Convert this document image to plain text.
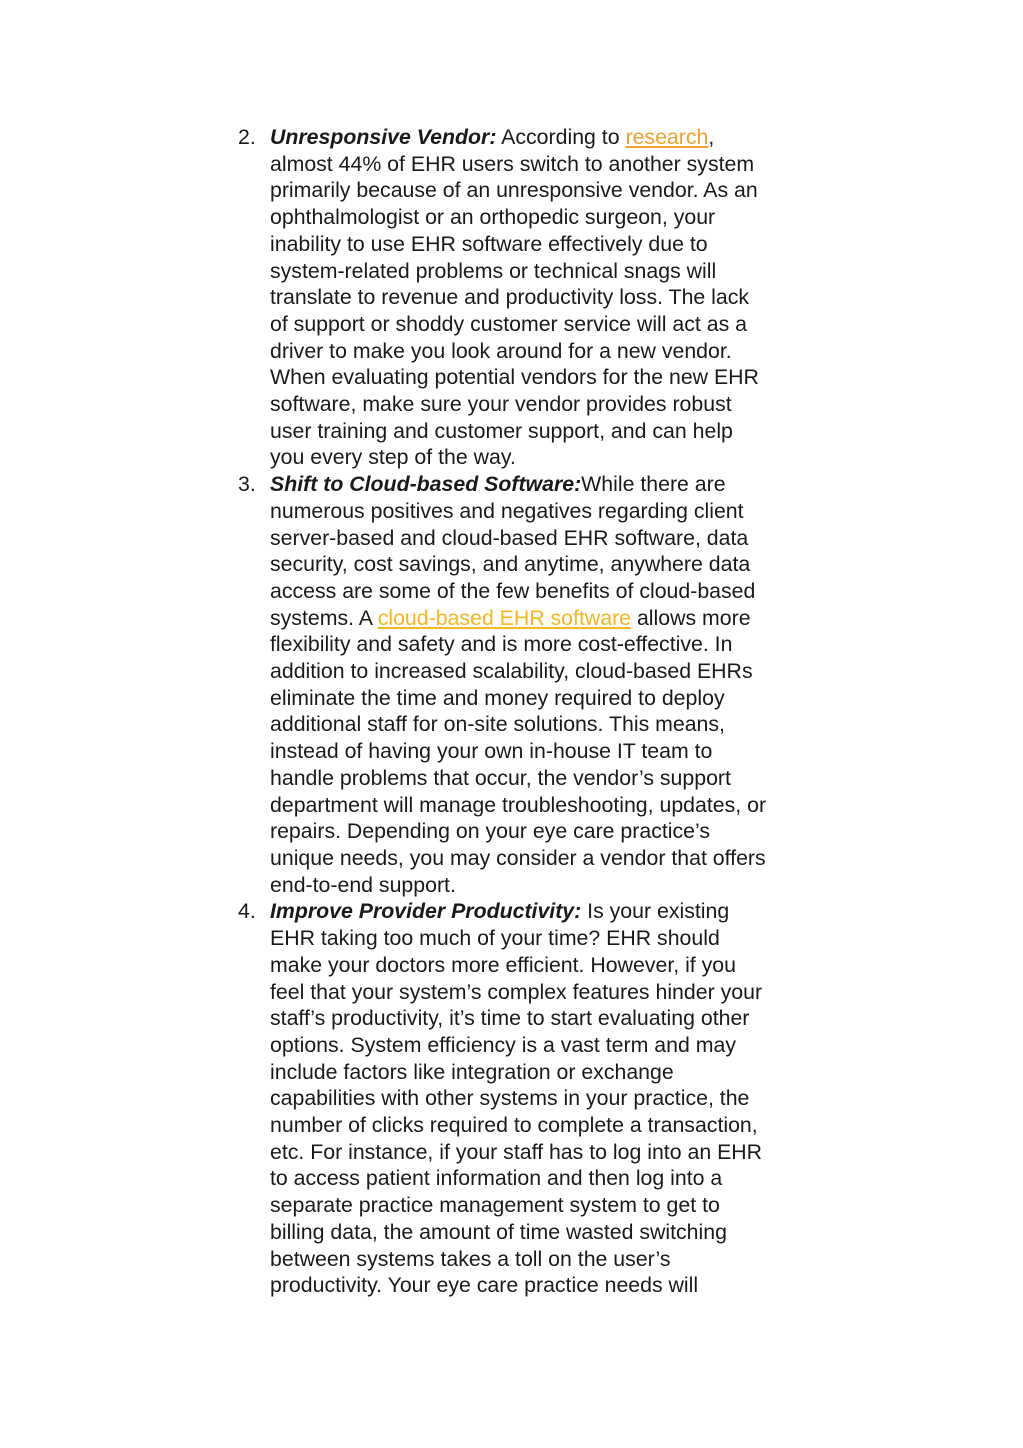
2. Unresponsive Vendor: According to research,
almost 44% of EHR users switch to another system
primarily because of an unresponsive vendor. As an
ophthalmologist or an orthopedic surgeon, your
inability to use EHR software effectively due to
system-related problems or technical snags will
translate to revenue and productivity loss. The lack
of support or shoddy customer service will act as a
driver to make you look around for a new vendor.
When evaluating potential vendors for the new EHR
software, make sure your vendor provides robust
user training and customer support, and can help
you every step of the way.
3. Shift to Cloud-based Software:While there are
numerous positives and negatives regarding client
server-based and cloud-based EHR software, data
security, cost savings, and anytime, anywhere data
access are some of the few benefits of cloud-based
systems. A cloud-based EHR software allows more
flexibility and safety and is more cost-effective. In
addition to increased scalability, cloud-based EHRs
eliminate the time and money required to deploy
additional staff for on-site solutions. This means,
instead of having your own in-house IT team to
handle problems that occur, the vendor’s support
department will manage troubleshooting, updates, or
repairs. Depending on your eye care practice’s
unique needs, you may consider a vendor that offers
end-to-end support.
4. Improve Provider Productivity: Is your existing
EHR taking too much of your time? EHR should
make your doctors more efficient. However, if you
feel that your system’s complex features hinder your
staff’s productivity, it’s time to start evaluating other
options. System efficiency is a vast term and may
include factors like integration or exchange
capabilities with other systems in your practice, the
number of clicks required to complete a transaction,
etc. For instance, if your staff has to log into an EHR
to access patient information and then log into a
separate practice management system to get to
billing data, the amount of time wasted switching
between systems takes a toll on the user’s
productivity. Your eye care practice needs will
